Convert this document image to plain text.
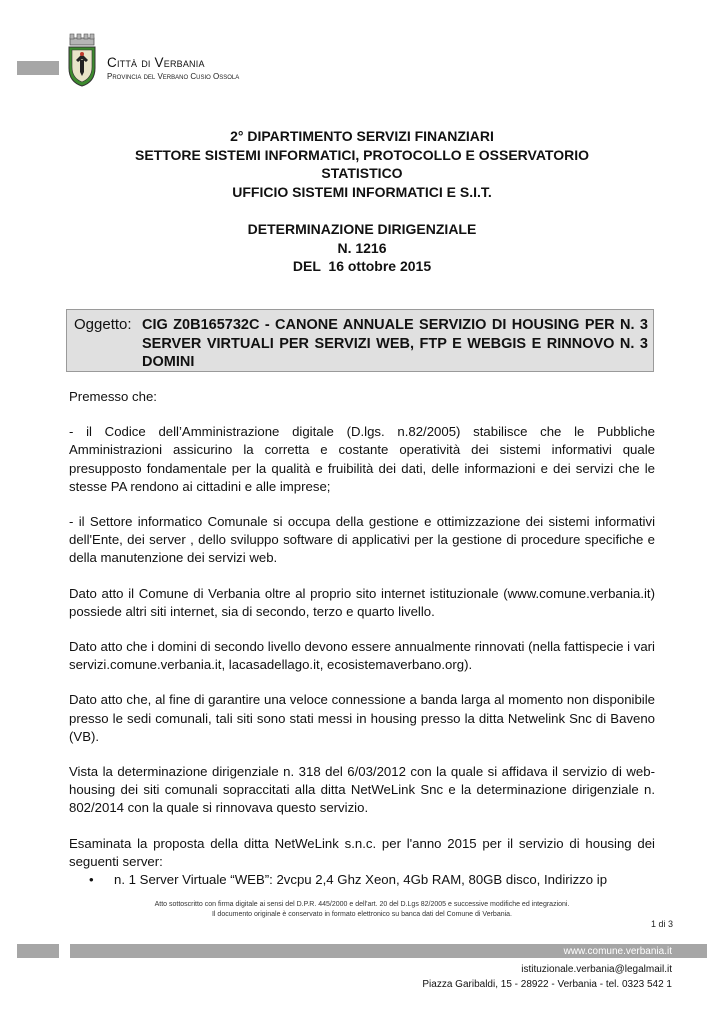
Città di Verbania
Provincia del Verbano Cusio Ossola
2° DIPARTIMENTO SERVIZI FINANZIARI
SETTORE SISTEMI INFORMATICI, PROTOCOLLO E OSSERVATORIO
STATISTICO
UFFICIO SISTEMI INFORMATICI E S.I.T.
DETERMINAZIONE DIRIGENZIALE
N. 1216
DEL  16 ottobre 2015
Oggetto: CIG Z0B165732C - CANONE ANNUALE SERVIZIO DI HOUSING PER N. 3 SERVER VIRTUALI PER SERVIZI WEB, FTP E WEBGIS E RINNOVO N. 3 DOMINI

Premesso che:

- il Codice dell’Amministrazione digitale (D.lgs. n.82/2005) stabilisce che le Pubbliche Amministrazioni assicurino la corretta e costante operatività dei sistemi informativi quale presupposto fondamentale per la qualità e fruibilità dei dati, delle informazioni e dei servizi che le stesse PA rendono ai cittadini e alle imprese;

- il Settore informatico Comunale si occupa della gestione e ottimizzazione dei sistemi informativi dell'Ente, dei server , dello sviluppo software di applicativi per la gestione di procedure specifiche e della manutenzione dei servizi web.

Dato atto il Comune di Verbania oltre al proprio sito internet istituzionale (www.comune.verbania.it) possiede altri siti internet, sia di secondo, terzo e quarto livello.

Dato atto che i domini di secondo livello devono essere annualmente rinnovati (nella fattispecie i vari servizi.comune.verbania.it, lacasadellago.it, ecosistemaverbano.org).

Dato atto che, al fine di garantire una veloce connessione a banda larga al momento non disponibile presso le sedi comunali, tali siti sono stati messi in housing presso la ditta Netwelink Snc di Baveno (VB).

Vista la determinazione dirigenziale n. 318 del 6/03/2012 con la quale si affidava il servizio di web-housing dei siti comunali sopraccitati alla ditta NetWeLink Snc e la determinazione dirigenziale n. 802/2014 con la quale si rinnovava questo servizio.

Esaminata la proposta della ditta NetWeLink s.n.c. per l'anno 2015 per il servizio di housing dei seguenti server:

• n. 1 Server Virtuale “WEB”: 2vcpu 2,4 Ghz Xeon, 4Gb RAM, 80GB disco, Indirizzo ip
Atto sottoscritto con firma digitale ai sensi del D.P.R. 445/2000 e dell'art. 20 del D.Lgs 82/2005 e successive modifiche ed integrazioni.
Il documento originale è conservato in formato elettronico su banca dati del Comune di Verbania.
1 di 3
www.comune.verbania.it
istituzionale.verbania@legalmail.it
Piazza Garibaldi, 15 - 28922 - Verbania - tel. 0323 542 1
